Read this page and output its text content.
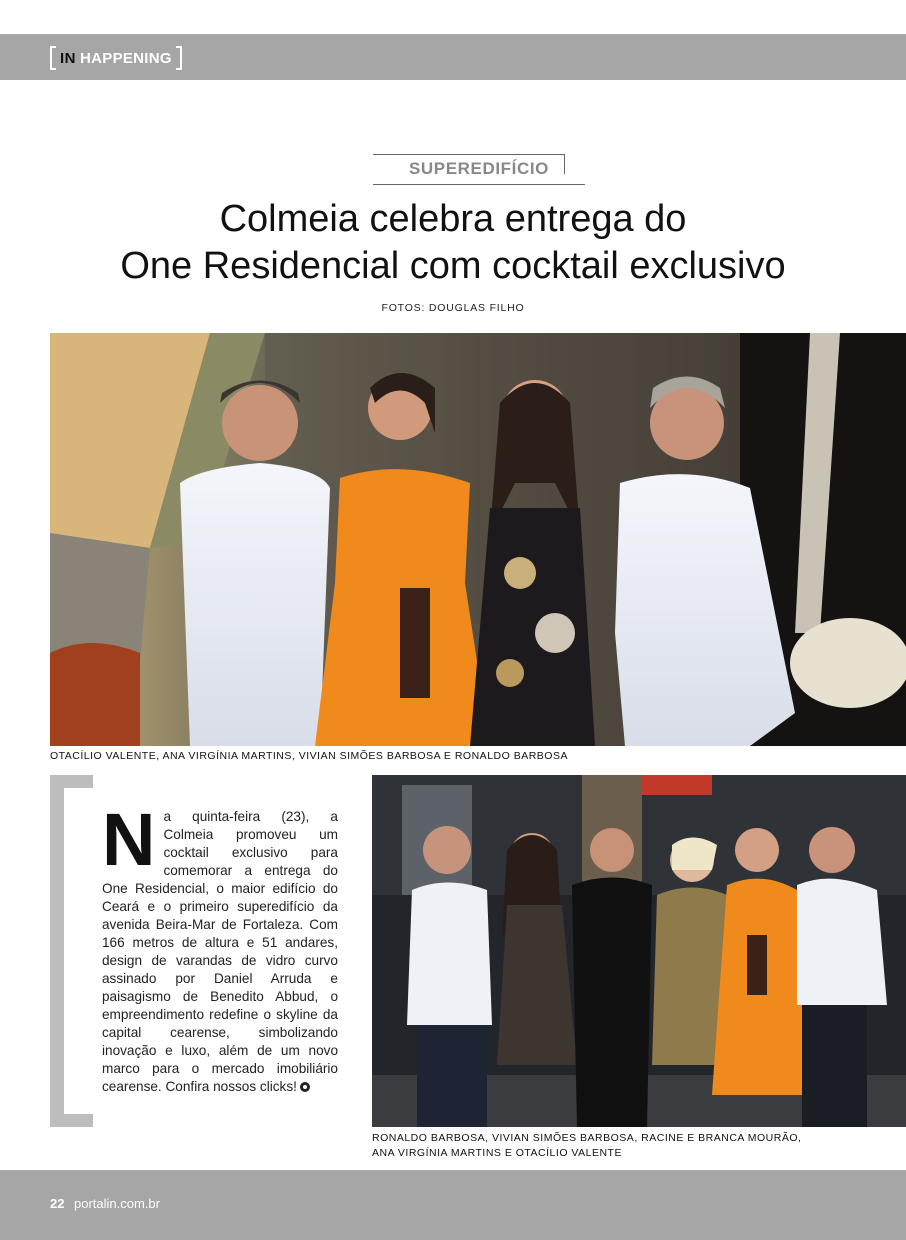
IN HAPPENING
SUPEREDIFÍCIO
Colmeia celebra entrega do
One Residencial com cocktail exclusivo
FOTOS: DOUGLAS FILHO
OTACÍLIO VALENTE, ANA VIRGÍNIA MARTINS, VIVIAN SIMÕES BARBOSA E RONALDO BARBOSA
Na quinta-feira (23), a Colmeia promoveu um cocktail exclusivo para comemorar a entrega do One Residencial, o maior edifício do Ceará e o primeiro superedifício da avenida Beira-Mar de Fortaleza. Com 166 metros de altura e 51 andares, design de varandas de vidro curvo assinado por Daniel Arruda e paisagismo de Benedito Abbud, o empreendimento redefine o skyline da capital cearense, simbolizando inovação e luxo, além de um novo marco para o mercado imobiliário cearense. Confira nossos clicks!
RONALDO BARBOSA, VIVIAN SIMÕES BARBOSA, RACINE E BRANCA MOURÃO,
ANA VIRGÍNIA MARTINS E OTACÍLIO VALENTE
22 portalin.com.br
